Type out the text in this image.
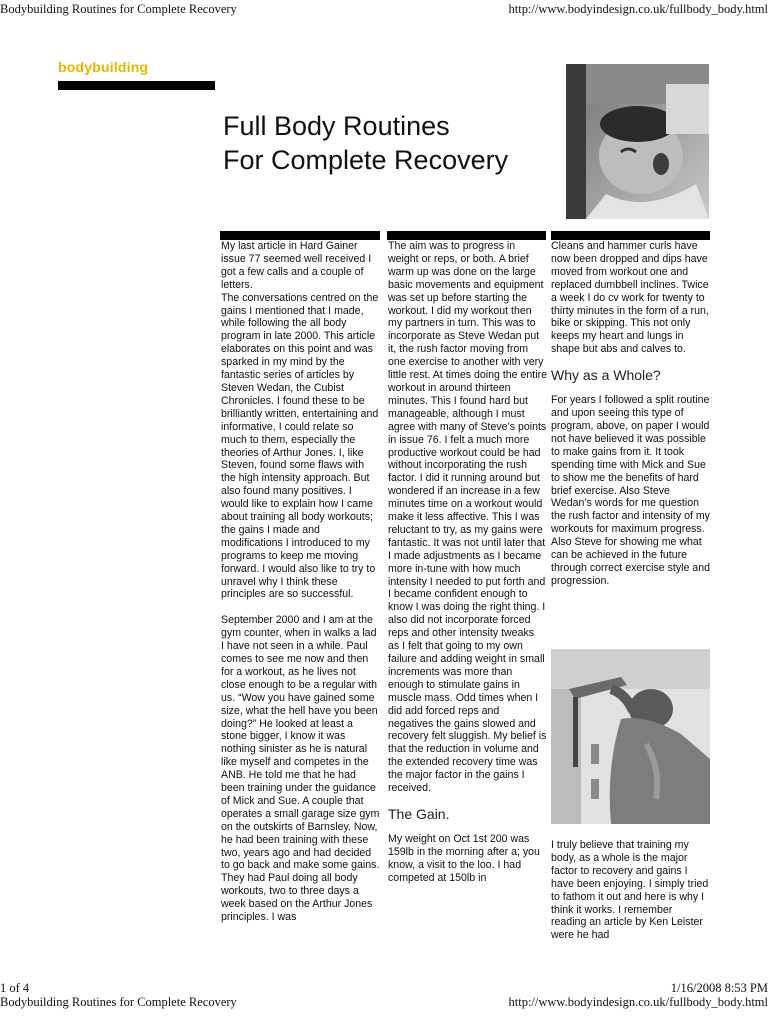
Bodybuilding Routines for Complete Recovery	http://www.bodyindesign.co.uk/fullbody_body.html
1 of 4
Bodybuilding Routines for Complete Recovery
1/16/2008 8:53 PM
http://www.bodyindesign.co.uk/fullbody_body.html
bodybuilding
Full Body Routines
For Complete Recovery

My last article in Hard Gainer issue 77 seemed well received I got a few calls and a couple of letters.

The conversations centred on the gains I mentioned that I made, while following the all body program in late 2000. This article elaborates on this point and was sparked in my mind by the fantastic series of articles by Steven Wedan, the Cubist Chronicles. I found these to be brilliantly written, entertaining and informative, I could relate so much to them, especially the theories of Arthur Jones. I, like Steven, found some flaws with the high intensity approach. But also found many positives. I would like to explain how I came about training all body workouts; the gains I made and modifications I introduced to my programs to keep me moving forward. I would also like to try to unravel why I think these principles are so successful.

September 2000 and I am at the gym counter, when in walks a lad I have not seen in a while. Paul comes to see me now and then for a workout, as he lives not close enough to be a regular with us. “Wow you have gained some size, what the hell have you been doing?” He looked at least a stone bigger, I know it was nothing sinister as he is natural like myself and competes in the ANB. He told me that he had been training under the guidance of Mick and Sue. A couple that operates a small garage size gym on the outskirts of Barnsley. Now, he had been training with these two, years ago and had decided to go back and make some gains. They had Paul doing all body workouts, two to three days a week based on the Arthur Jones principles. I was

The aim was to progress in weight or reps, or both. A brief warm up was done on the large basic movements and equipment was set up before starting the workout. I did my workout then my partners in turn. This was to incorporate as Steve Wedan put it, the rush factor moving from one exercise to another with very little rest. At times doing the entire workout in around thirteen minutes. This I found hard but manageable, although I must agree with many of Steve’s points in issue 76. I felt a much more productive workout could be had without incorporating the rush factor. I did it running around but wondered if an increase in a few minutes time on a workout would make it less affective. This I was reluctant to try, as my gains were fantastic. It was not until later that I made adjustments as I became more in-tune with how much intensity I needed to put forth and I became confident enough to know I was doing the right thing. I also did not incorporate forced reps and other intensity tweaks as I felt that going to my own failure and adding weight in small increments was more than enough to stimulate gains in muscle mass. Odd times when I did add forced reps and negatives the gains slowed and recovery felt sluggish. My belief is that the reduction in volume and the extended recovery time was the major factor in the gains I received.

The Gain.

My weight on Oct 1st 200 was 159lb in the morning after a; you know, a visit to the loo. I had competed at 150lb in

Cleans and hammer curls have now been dropped and dips have moved from workout one and replaced dumbbell inclines. Twice a week I do cv work for twenty to thirty minutes in the form of a run, bike or skipping. This not only keeps my heart and lungs in shape but abs and calves to.

Why as a Whole?

For years I followed a split routine and upon seeing this type of program, above, on paper I would not have believed it was possible to make gains from it. It took spending time with Mick and Sue to show me the benefits of hard brief exercise. Also Steve Wedan’s words for me question the rush factor and intensity of my workouts for maximum progress. Also Steve for showing me what can be achieved in the future through correct exercise style and progression.

I truly believe that training my body, as a whole is the major factor to recovery and gains I have been enjoying. I simply tried to fathom it out and here is why I think it works. I remember reading an article by Ken Leister were he had
